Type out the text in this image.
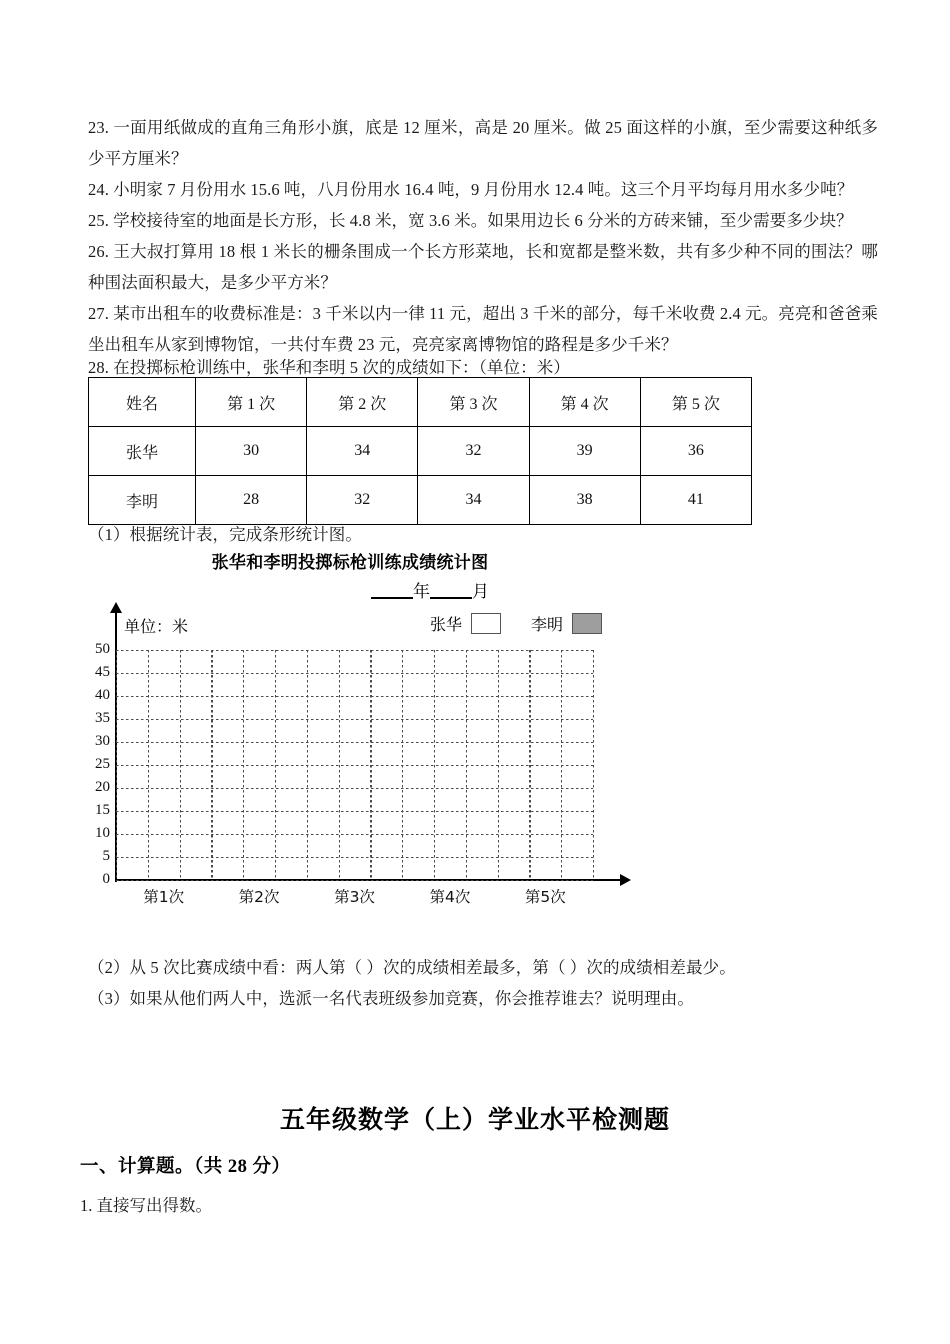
23. 一面用纸做成的直角三角形小旗，底是 12 厘米，高是 20 厘米。做 25 面这样的小旗，至少需要这种纸多少平方厘米？
24. 小明家 7 月份用水 15.6 吨，八月份用水 16.4 吨，9 月份用水 12.4 吨。这三个月平均每月用水多少吨？
25. 学校接待室的地面是长方形，长 4.8 米，宽 3.6 米。如果用边长 6 分米的方砖来铺，至少需要多少块？
26. 王大叔打算用 18 根 1 米长的栅条围成一个长方形菜地，长和宽都是整米数，共有多少种不同的围法？哪种围法面积最大，是多少平方米？
27. 某市出租车的收费标准是：3 千米以内一律 11 元，超出 3 千米的部分，每千米收费 2.4 元。亮亮和爸爸乘坐出租车从家到博物馆，一共付车费 23 元，亮亮家离博物馆的路程是多少千米？
28. 在投掷标枪训练中，张华和李明 5 次的成绩如下：（单位：米）
姓名	第 1 次	第 2 次	第 3 次	第 4 次	第 5 次
张华	30	34	32	39	36
李明	28	32	34	38	41
（1）根据统计表，完成条形统计图。
张华和李明投掷标枪训练成绩统计图
年 月
单位：米	张华	李明
50
45
40
35
30
25
20
15
10
5
0
第1次	第2次	第3次	第4次	第5次
（2）从 5 次比赛成绩中看：两人第（ ）次的成绩相差最多，第（ ）次的成绩相差最少。
（3）如果从他们两人中，选派一名代表班级参加竞赛，你会推荐谁去？说明理由。
五年级数学（上）学业水平检测题
一、计算题。（共 28 分）
1. 直接写出得数。
